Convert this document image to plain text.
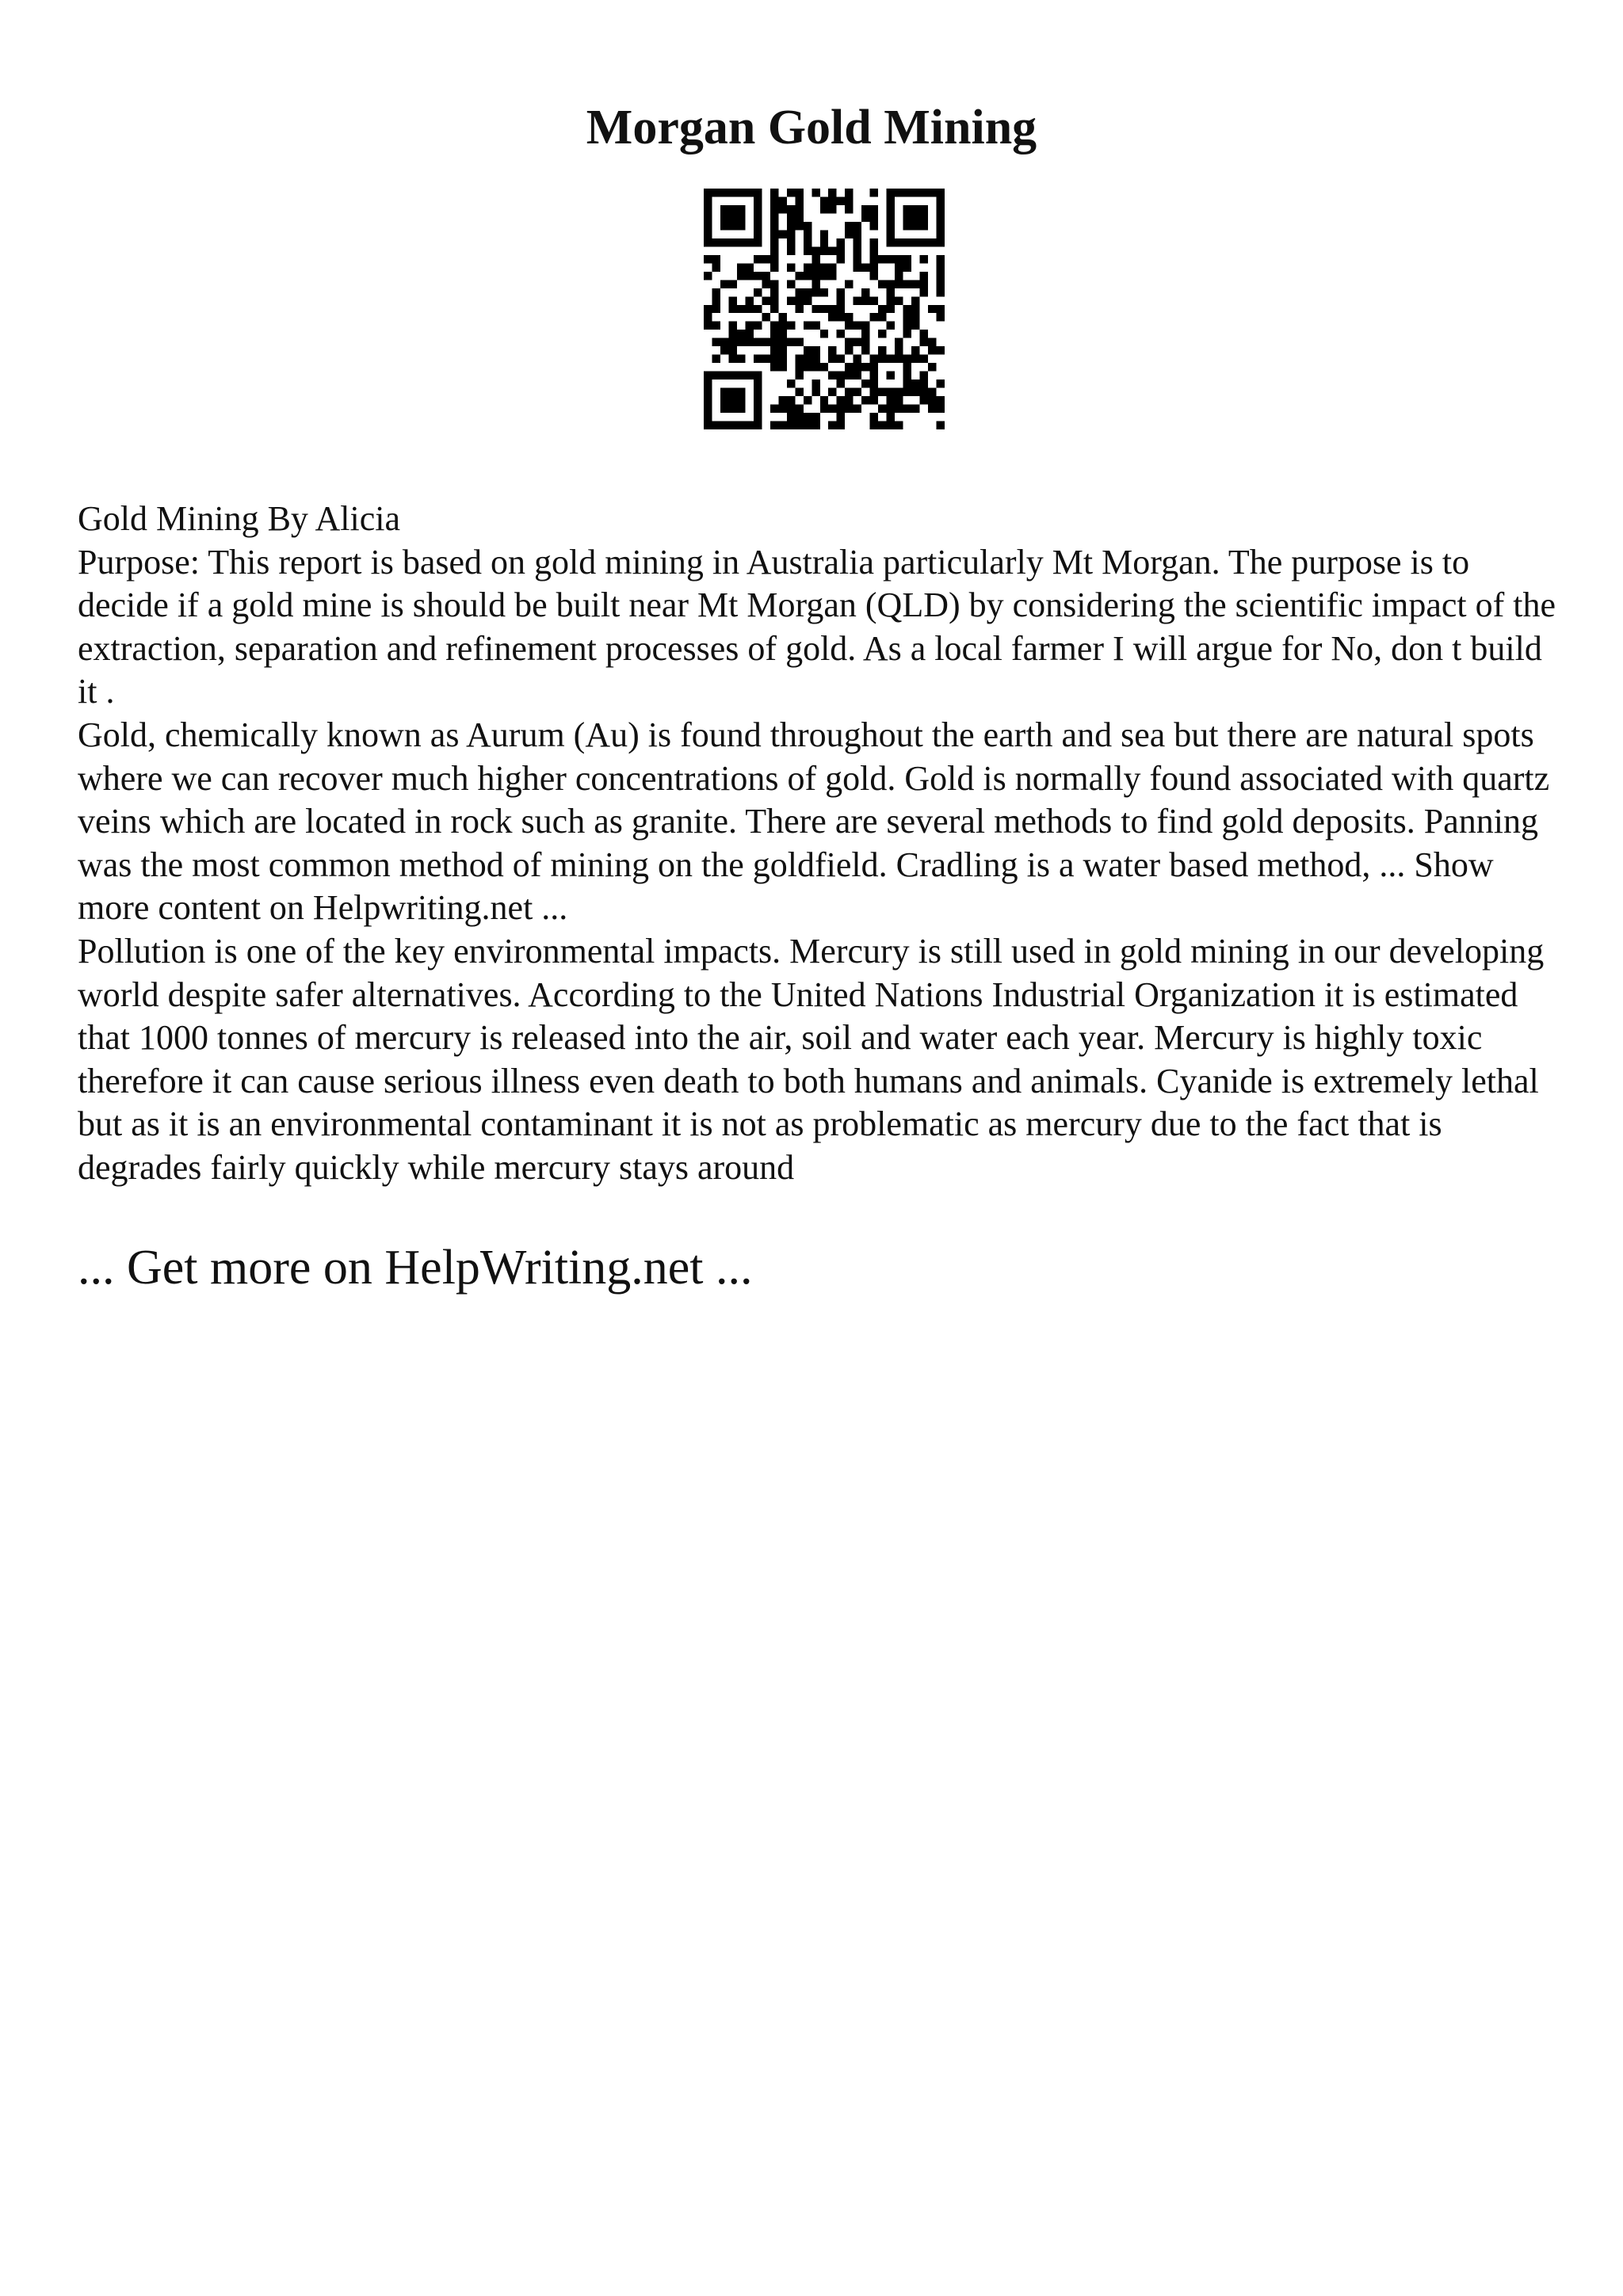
Morgan Gold Mining

Gold Mining By Alicia

Purpose: This report is based on gold mining in Australia particularly Mt Morgan. The purpose is to decide if a gold mine is should be built near Mt Morgan (QLD) by considering the scientific impact of the extraction, separation and refinement processes of gold. As a local farmer I will argue for No, don t build it .

Gold, chemically known as Aurum (Au) is found throughout the earth and sea but there are natural spots where we can recover much higher concentrations of gold. Gold is normally found associated with quartz veins which are located in rock such as granite. There are several methods to find gold deposits. Panning was the most common method of mining on the goldfield. Cradling is a water based method, ... Show more content on Helpwriting.net ...

Pollution is one of the key environmental impacts. Mercury is still used in gold mining in our developing world despite safer alternatives. According to the United Nations Industrial Organization it is estimated that 1000 tonnes of mercury is released into the air, soil and water each year. Mercury is highly toxic therefore it can cause serious illness even death to both humans and animals. Cyanide is extremely lethal but as it is an environmental contaminant it is not as problematic as mercury due to the fact that is degrades fairly quickly while mercury stays around

... Get more on HelpWriting.net ...
